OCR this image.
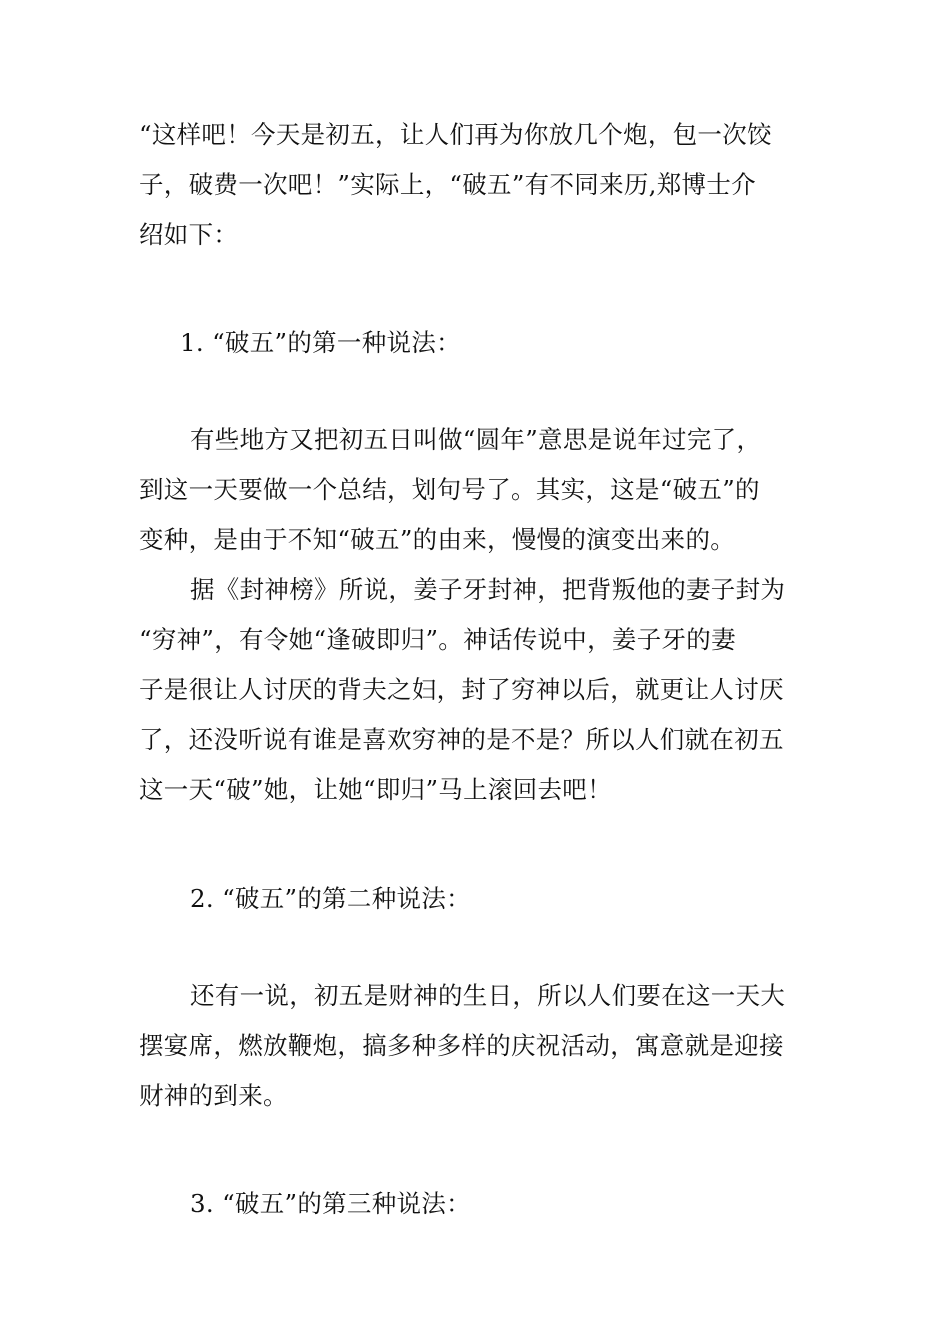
“这样吧！今天是初五，让人们再为你放几个炮，包一次饺
子，破费一次吧！”实际上，“破五”有不同来历,郑博士介
绍如下：
1. “破五”的第一种说法：
有些地方又把初五日叫做“圆年”意思是说年过完了，
到这一天要做一个总结，划句号了。其实，这是“破五”的
变种，是由于不知“破五”的由来，慢慢的演变出来的。
据《封神榜》所说，姜子牙封神，把背叛他的妻子封为
“穷神”，有令她“逢破即归”。神话传说中，姜子牙的妻
子是很让人讨厌的背夫之妇，封了穷神以后，就更让人讨厌
了，还没听说有谁是喜欢穷神的是不是？所以人们就在初五
这一天“破”她，让她“即归”马上滚回去吧！
2. “破五”的第二种说法：
还有一说，初五是财神的生日，所以人们要在这一天大
摆宴席，燃放鞭炮，搞多种多样的庆祝活动，寓意就是迎接
财神的到来。
3. “破五”的第三种说法：
